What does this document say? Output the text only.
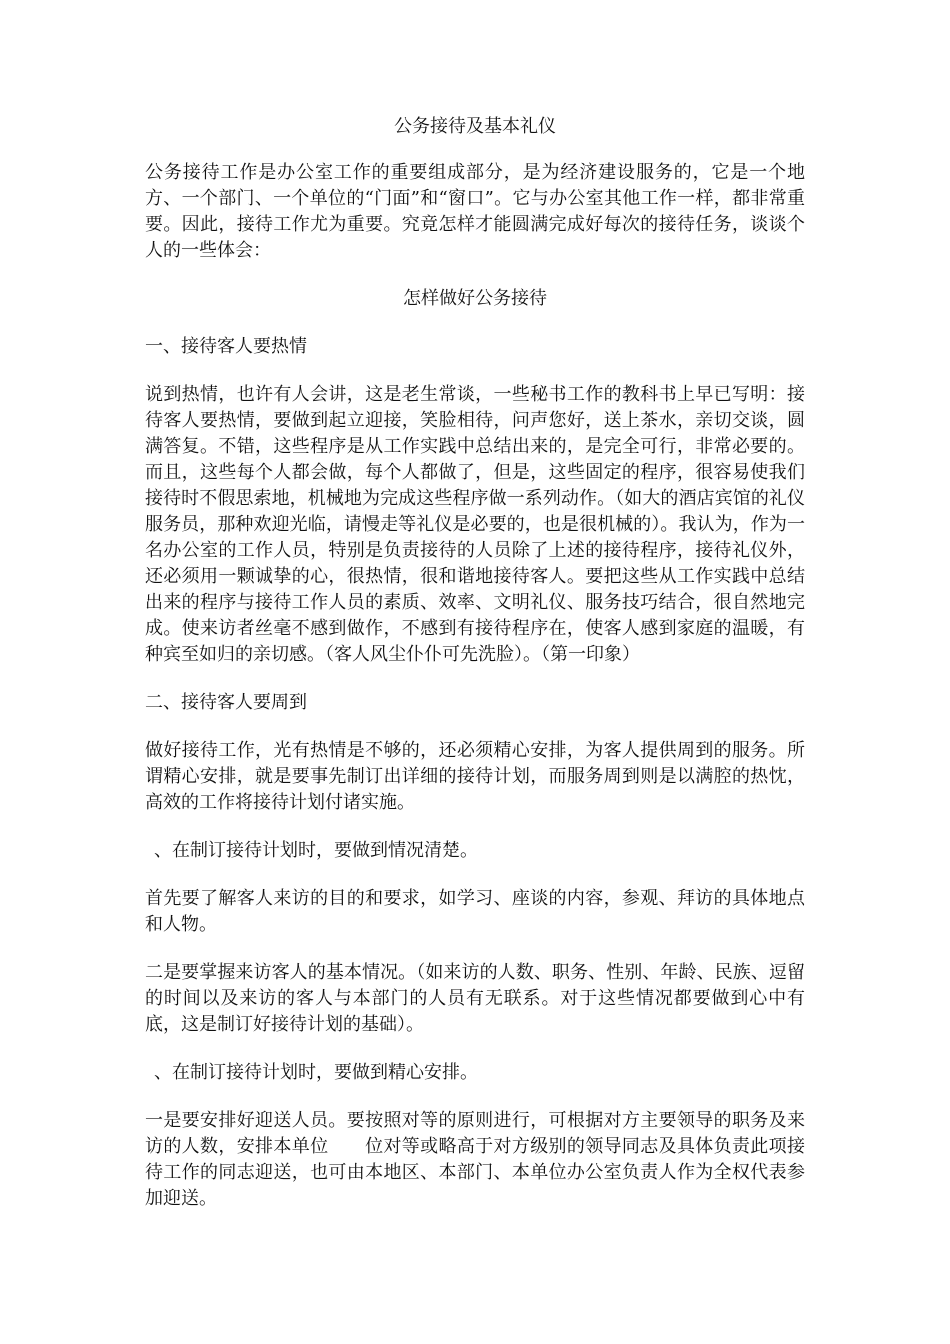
公务接待及基本礼仪

公务接待工作是办公室工作的重要组成部分，是为经济建设服务的，它是一个地方、一个部门、一个单位的“门面”和“窗口”。它与办公室其他工作一样，都非常重要。因此，接待工作尤为重要。究竟怎样才能圆满完成好每次的接待任务，谈谈个人的一些体会：

怎样做好公务接待
一、接待客人要热情

说到热情，也许有人会讲，这是老生常谈，一些秘书工作的教科书上早已写明：接待客人要热情，要做到起立迎接，笑脸相待，问声您好，送上茶水，亲切交谈，圆满答复。不错，这些程序是从工作实践中总结出来的，是完全可行，非常必要的。而且，这些每个人都会做，每个人都做了，但是，这些固定的程序，很容易使我们接待时不假思索地，机械地为完成这些程序做一系列动作。（如大的酒店宾馆的礼仪服务员，那种欢迎光临，请慢走等礼仪是必要的，也是很机械的）。我认为，作为一名办公室的工作人员，特别是负责接待的人员除了上述的接待程序，接待礼仪外，还必须用一颗诚挚的心，很热情，很和谐地接待客人。要把这些从工作实践中总结出来的程序与接待工作人员的素质、效率、文明礼仪、服务技巧结合，很自然地完成。使来访者丝毫不感到做作，不感到有接待程序在，使客人感到家庭的温暖，有种宾至如归的亲切感。（客人风尘仆仆可先洗脸）。（第一印象）

二、接待客人要周到

做好接待工作，光有热情是不够的，还必须精心安排，为客人提供周到的服务。所谓精心安排，就是要事先制订出详细的接待计划，而服务周到则是以满腔的热忱，高效的工作将接待计划付诸实施。

、在制订接待计划时，要做到情况清楚。

首先要了解客人来访的目的和要求，如学习、座谈的内容，参观、拜访的具体地点和人物。

二是要掌握来访客人的基本情况。（如来访的人数、职务、性别、年龄、民族、逗留的时间以及来访的客人与本部门的人员有无联系。对于这些情况都要做到心中有底，这是制订好接待计划的基础）。

、在制订接待计划时，要做到精心安排。

一是要安排好迎送人员。要按照对等的原则进行，可根据对方主要领导的职务及来访的人数，安排本单位　　位对等或略高于对方级别的领导同志及具体负责此项接待工作的同志迎送，也可由本地区、本部门、本单位办公室负责人作为全权代表参加迎送。
